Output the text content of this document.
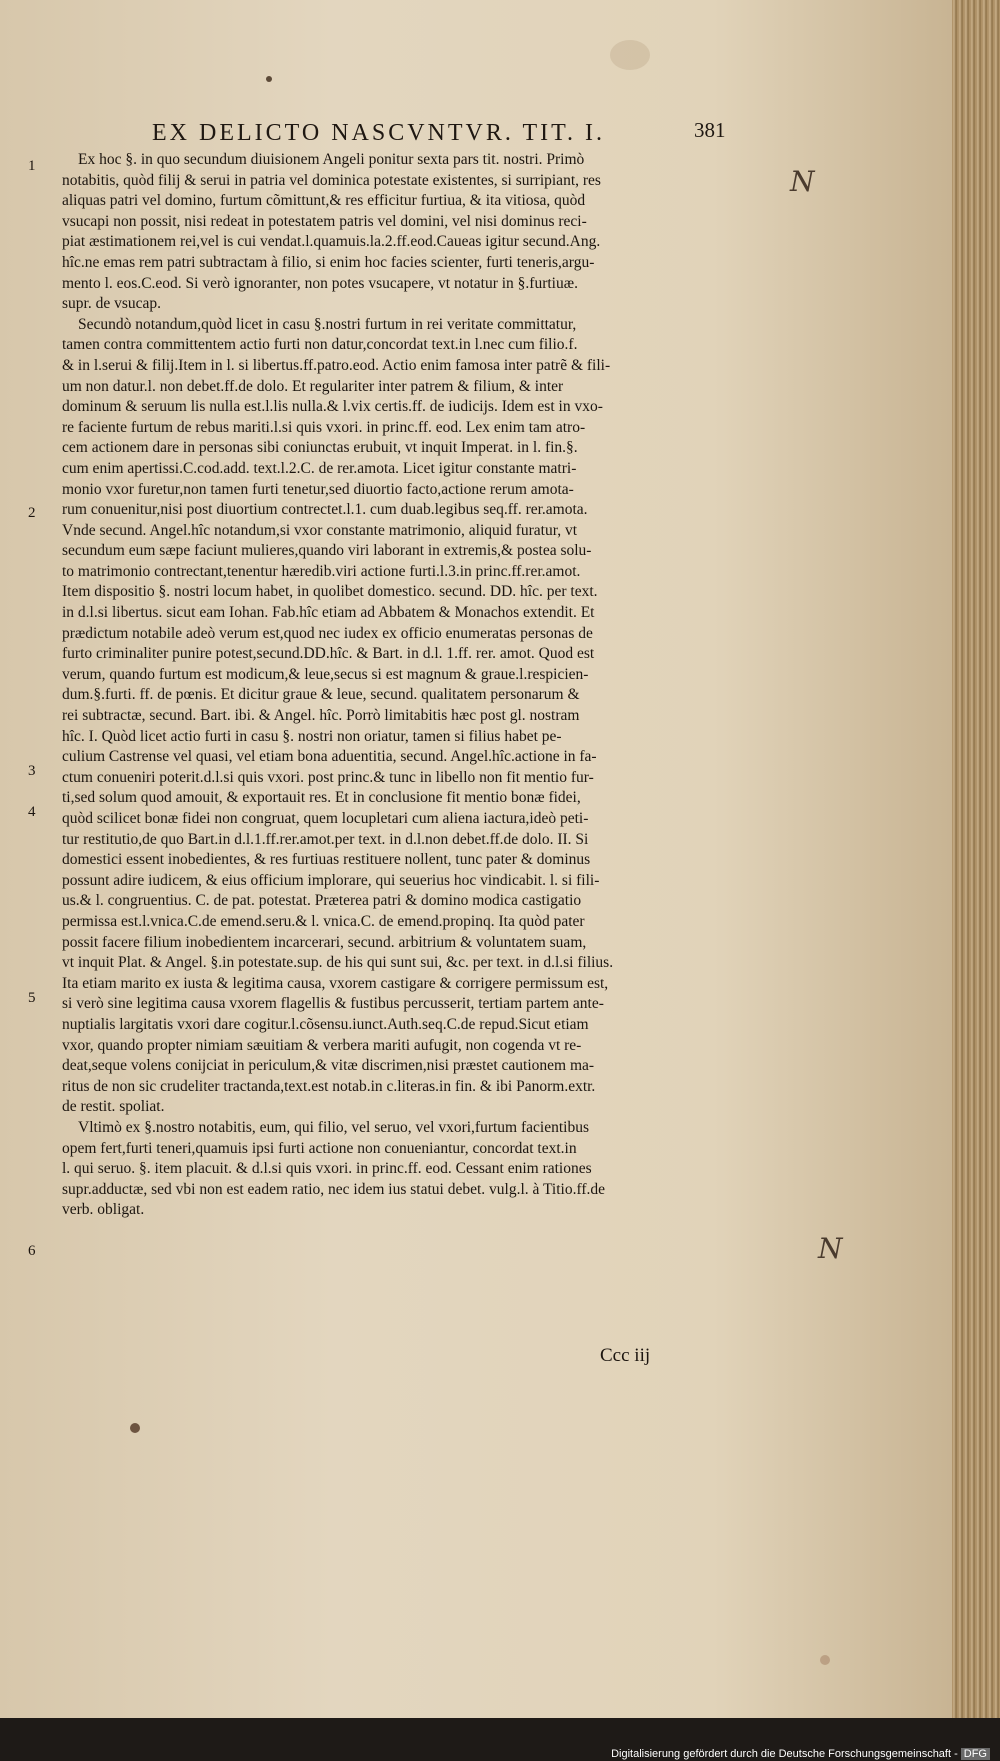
EX DELICTO NASCVNTVR. TIT. I.	381
1
2
3
4
5
6
Ex hoc §. in quo secundum diuisionem Angeli ponitur sexta pars tit. nostri. Primò
notabitis, quòd filij & serui in patria vel dominica potestate existentes, si surripiant, res
aliquas patri vel domino, furtum cõmittunt,& res efficitur furtiua, & ita vitiosa, quòd
vsucapi non possit, nisi redeat in potestatem patris vel domini, vel nisi dominus reci-
piat æstimationem rei,vel is cui vendat.l.quamuis.la.2.ff.eod.Caueas igitur secund.Ang.
hîc.ne emas rem patri subtractam à filio, si enim hoc facies scienter, furti teneris,argu-
mento l. eos.C.eod. Si verò ignoranter, non potes vsucapere, vt notatur in §.furtiuæ.
supr. de vsucap.
Secundò notandum,quòd licet in casu §.nostri furtum in rei veritate committatur,
tamen contra committentem actio furti non datur,concordat text.in l.nec cum filio.f.
& in l.serui & filij.Item in l. si libertus.ff.patro.eod. Actio enim famosa inter patrẽ & fili-
um non datur.l. non debet.ff.de dolo. Et regulariter inter patrem & filium, & inter
dominum & seruum lis nulla est.l.lis nulla.& l.vix certis.ff. de iudicijs. Idem est in vxo-
re faciente furtum de rebus mariti.l.si quis vxori. in princ.ff. eod. Lex enim tam atro-
cem actionem dare in personas sibi coniunctas erubuit, vt inquit Imperat. in l. fin.§.
cum enim apertissi.C.cod.add. text.l.2.C. de rer.amota. Licet igitur constante matri-
monio vxor furetur,non tamen furti tenetur,sed diuortio facto,actione rerum amota-
rum conuenitur,nisi post diuortium contrectet.l.1. cum duab.legibus seq.ff. rer.amota.
Vnde secund. Angel.hîc notandum,si vxor constante matrimonio, aliquid furatur, vt
secundum eum sæpe faciunt mulieres,quando viri laborant in extremis,& postea solu-
to matrimonio contrectant,tenentur hæredib.viri actione furti.l.3.in princ.ff.rer.amot.
Item dispositio §. nostri locum habet, in quolibet domestico. secund. DD. hîc. per text.
in d.l.si libertus. sicut eam Iohan. Fab.hîc etiam ad Abbatem & Monachos extendit. Et
prædictum notabile adeò verum est,quod nec iudex ex officio enumeratas personas de
furto criminaliter punire potest,secund.DD.hîc. & Bart. in d.l. 1.ff. rer. amot. Quod est
verum, quando furtum est modicum,& leue,secus si est magnum & graue.l.respicien-
dum.§.furti. ff. de pœnis. Et dicitur graue & leue, secund. qualitatem personarum &
rei subtractæ, secund. Bart. ibi. & Angel. hîc. Porrò limitabitis hæc post gl. nostram
hîc. I. Quòd licet actio furti in casu §. nostri non oriatur, tamen si filius habet pe-
culium Castrense vel quasi, vel etiam bona aduentitia, secund. Angel.hîc.actione in fa-
ctum conueniri poterit.d.l.si quis vxori. post princ.& tunc in libello non fit mentio fur-
ti,sed solum quod amouit, & exportauit res. Et in conclusione fit mentio bonæ fidei,
quòd scilicet bonæ fidei non congruat, quem locupletari cum aliena iactura,ideò peti-
tur restitutio,de quo Bart.in d.l.1.ff.rer.amot.per text. in d.l.non debet.ff.de dolo. II. Si
domestici essent inobedientes, & res furtiuas restituere nollent, tunc pater & dominus
possunt adire iudicem, & eius officium implorare, qui seuerius hoc vindicabit. l. si fili-
us.& l. congruentius. C. de pat. potestat. Præterea patri & domino modica castigatio
permissa est.l.vnica.C.de emend.seru.& l. vnica.C. de emend.propinq. Ita quòd pater
possit facere filium inobedientem incarcerari, secund. arbitrium & voluntatem suam,
vt inquit Plat. & Angel. §.in potestate.sup. de his qui sunt sui, &c. per text. in d.l.si filius.
Ita etiam marito ex iusta & legitima causa, vxorem castigare & corrigere permissum est,
si verò sine legitima causa vxorem flagellis & fustibus percusserit, tertiam partem ante-
nuptialis largitatis vxori dare cogitur.l.cõsensu.iunct.Auth.seq.C.de repud.Sicut etiam
vxor, quando propter nimiam sæuitiam & verbera mariti aufugit, non cogenda vt re-
deat,seque volens conijciat in periculum,& vitæ discrimen,nisi præstet cautionem ma-
ritus de non sic crudeliter tractanda,text.est notab.in c.literas.in fin. & ibi Panorm.extr.
de restit. spoliat.
Vltimò ex §.nostro notabitis, eum, qui filio, vel seruo, vel vxori,furtum facientibus
opem fert,furti teneri,quamuis ipsi furti actione non conueniantur, concordat text.in
l. qui seruo. §. item placuit. & d.l.si quis vxori. in princ.ff. eod. Cessant enim rationes
supr.adductæ, sed vbi non est eadem ratio, nec idem ius statui debet. vulg.l. à Titio.ff.de
verb. obligat.
Ccc iij
N
N
Digitalisierung gefördert durch die Deutsche Forschungsgemeinschaft - DFG
